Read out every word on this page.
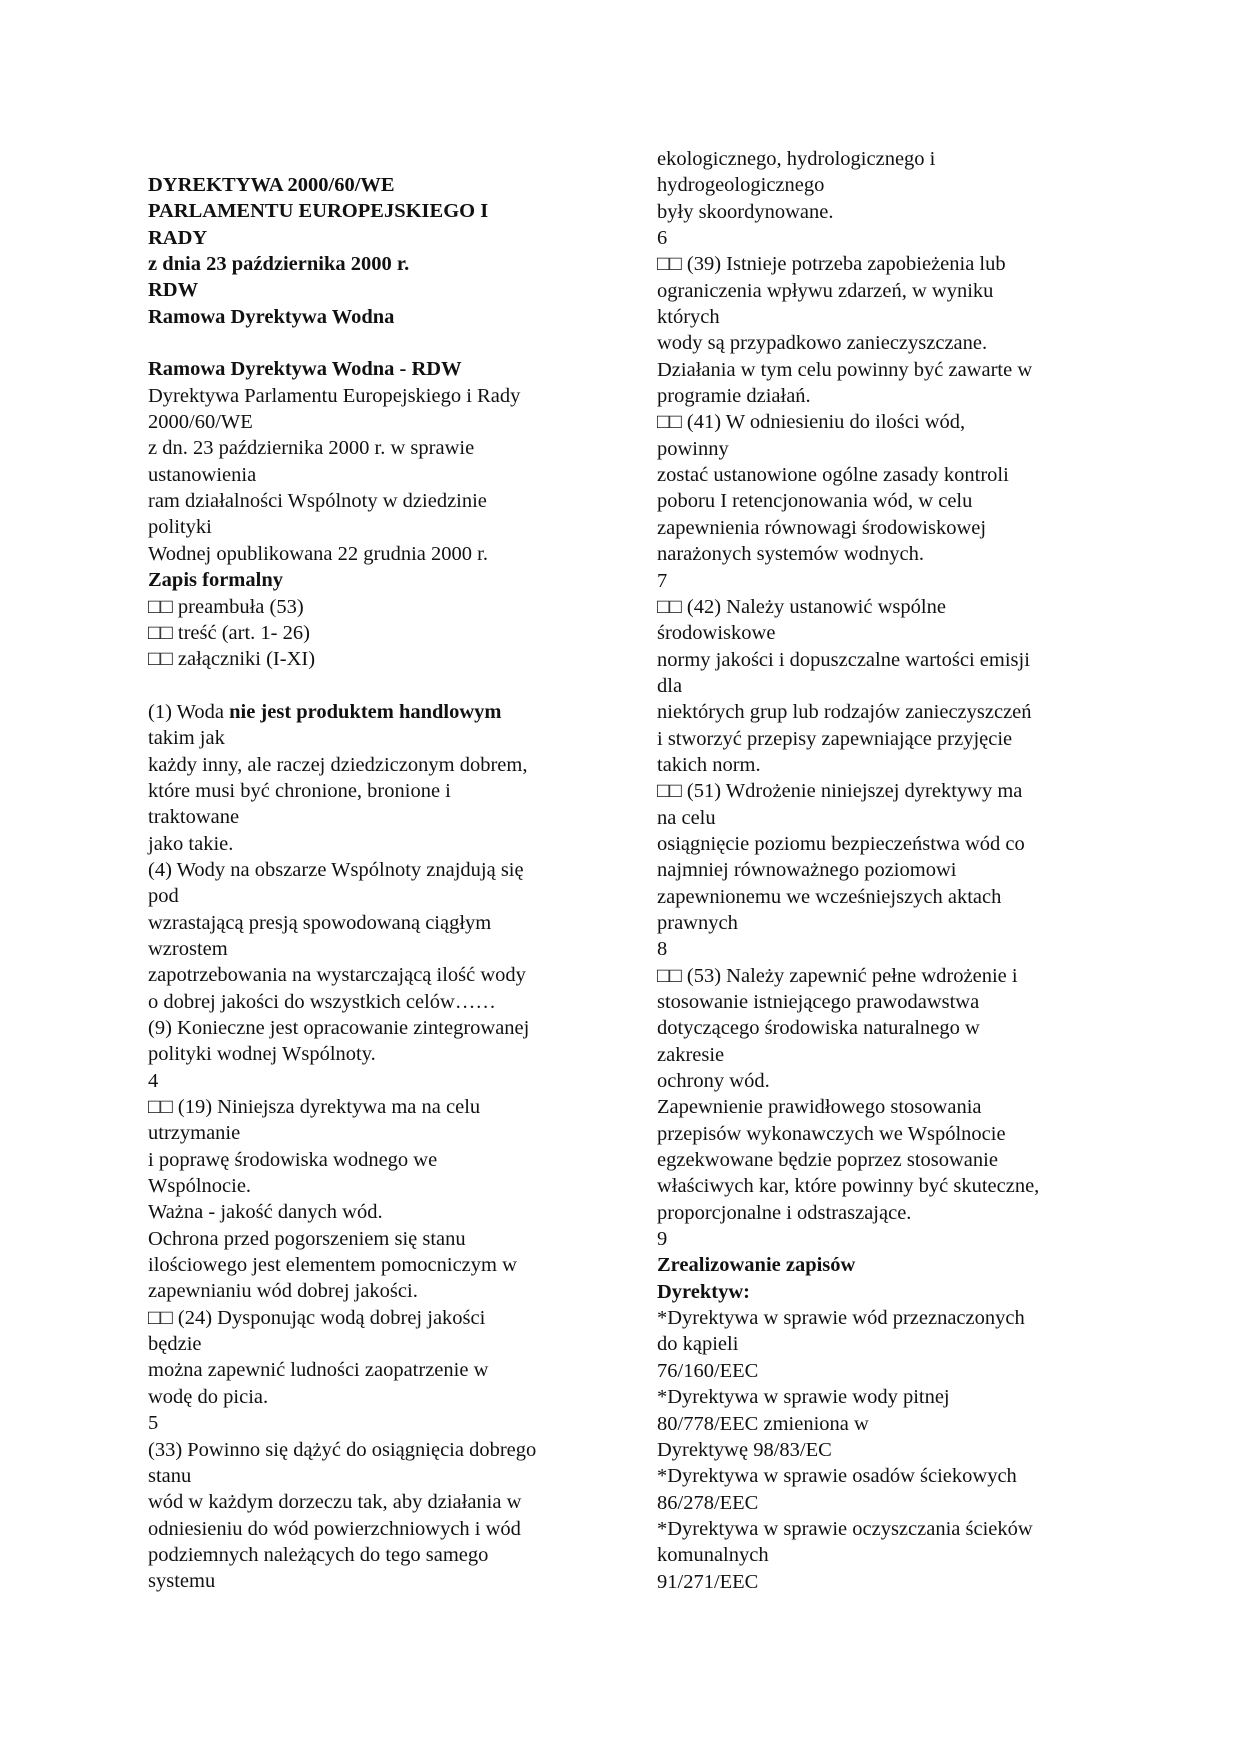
DYREKTYWA 2000/60/WE
PARLAMENTU EUROPEJSKIEGO I
RADY
z dnia 23 października 2000 r.
RDW
Ramowa Dyrektywa Wodna
Ramowa Dyrektywa Wodna - RDW
Dyrektywa Parlamentu Europejskiego i Rady
2000/60/WE
z dn. 23 października 2000 r. w sprawie
ustanowienia
ram działalności Wspólnoty w dziedzinie
polityki
Wodnej opublikowana 22 grudnia 2000 r.
Zapis formalny
□□ preambuła (53)
□□ treść (art. 1- 26)
□□ załączniki (I-XI)
(1) Woda nie jest produktem handlowym
takim jak
każdy inny, ale raczej dziedziczonym dobrem,
które musi być chronione, bronione i
traktowane
jako takie.
(4) Wody na obszarze Wspólnoty znajdują się
pod
wzrastającą presją spowodowaną ciągłym
wzrostem
zapotrzebowania na wystarczającą ilość wody
o dobrej jakości do wszystkich celów……
(9) Konieczne jest opracowanie zintegrowanej
polityki wodnej Wspólnoty.
4
□□ (19) Niniejsza dyrektywa ma na celu
utrzymanie
i poprawę środowiska wodnego we
Wspólnocie.
Ważna - jakość danych wód.
Ochrona przed pogorszeniem się stanu
ilościowego jest elementem pomocniczym w
zapewnianiu wód dobrej jakości.
□□ (24) Dysponując wodą dobrej jakości
będzie
można zapewnić ludności zaopatrzenie w
wodę do picia.
5
(33) Powinno się dążyć do osiągnięcia dobrego
stanu
wód w każdym dorzeczu tak, aby działania w
odniesieniu do wód powierzchniowych i wód
podziemnych należących do tego samego
systemu
ekologicznego, hydrologicznego i
hydrogeologicznego
były skoordynowane.
6
□□ (39) Istnieje potrzeba zapobieżenia lub
ograniczenia wpływu zdarzeń, w wyniku
których
wody są przypadkowo zanieczyszczane.
Działania w tym celu powinny być zawarte w
programie działań.
□□ (41) W odniesieniu do ilości wód,
powinny
zostać ustanowione ogólne zasady kontroli
poboru I retencjonowania wód, w celu
zapewnienia równowagi środowiskowej
narażonych systemów wodnych.
7
□□ (42) Należy ustanowić wspólne
środowiskowe
normy jakości i dopuszczalne wartości emisji
dla
niektórych grup lub rodzajów zanieczyszczeń
i stworzyć przepisy zapewniające przyjęcie
takich norm.
□□ (51) Wdrożenie niniejszej dyrektywy ma
na celu
osiągnięcie poziomu bezpieczeństwa wód co
najmniej równoważnego poziomowi
zapewnionemu we wcześniejszych aktach
prawnych
8
□□ (53) Należy zapewnić pełne wdrożenie i
stosowanie istniejącego prawodawstwa
dotyczącego środowiska naturalnego w
zakresie
ochrony wód.
Zapewnienie prawidłowego stosowania
przepisów wykonawczych we Wspólnocie
egzekwowane będzie poprzez stosowanie
właściwych kar, które powinny być skuteczne,
proporcjonalne i odstraszające.
9
Zrealizowanie zapisów
Dyrektyw:
*Dyrektywa w sprawie wód przeznaczonych
do kąpieli
76/160/EEC
*Dyrektywa w sprawie wody pitnej
80/778/EEC zmieniona w
Dyrektywę 98/83/EC
*Dyrektywa w sprawie osadów ściekowych
86/278/EEC
*Dyrektywa w sprawie oczyszczania ścieków
komunalnych
91/271/EEC
